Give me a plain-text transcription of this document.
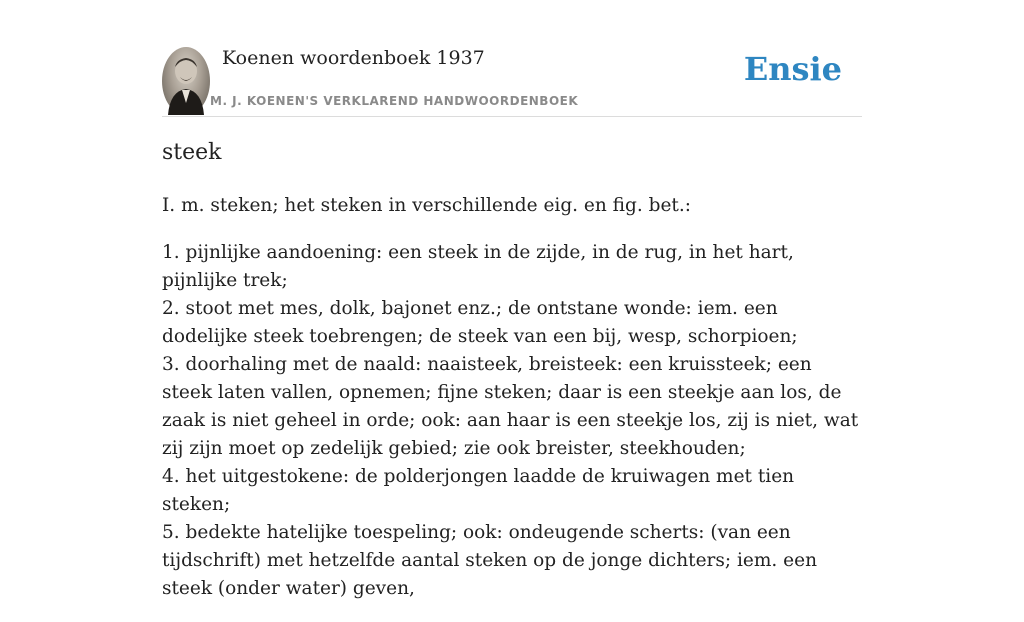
Koenen woordenboek 1937
M. J. KOENEN'S VERKLAREND HANDWOORDENBOEK
Ensie
steek

I. m. steken; het steken in verschillende eig. en fig. bet.:

1. pijnlijke aandoening: een steek in de zijde, in de rug, in het hart, pijnlijke trek;
2. stoot met mes, dolk, bajonet enz.; de ontstane wonde: iem. een dodelijke steek toebrengen; de steek van een bij, wesp, schorpioen;
3. doorhaling met de naald: naaisteek, breisteek: een kruissteek; een steek laten vallen, opnemen; fijne steken; daar is een steekje aan los, de zaak is niet geheel in orde; ook: aan haar is een steekje los, zij is niet, wat zij zijn moet op zedelijk gebied; zie ook breister, steekhouden;
4. het uitgestokene: de polderjongen laadde de kruiwagen met tien steken;
5. bedekte hatelijke toespeling; ook: ondeugende scherts: (van een tijdschrift) met hetzelfde aantal steken op de jonge dichters; iem. een steek (onder water) geven,
